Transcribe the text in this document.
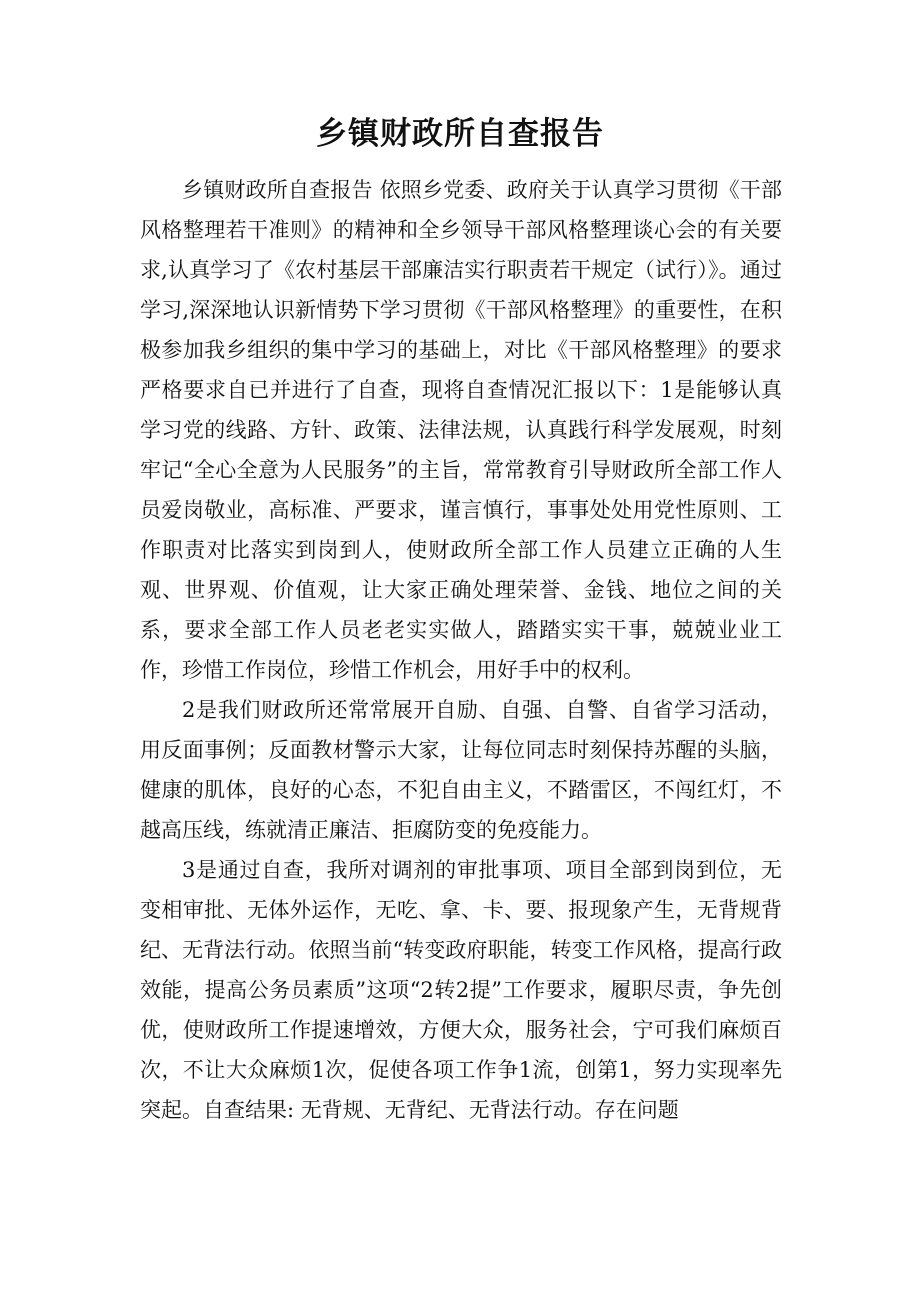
乡镇财政所自查报告

乡镇财政所自查报告 依照乡党委、政府关于认真学习贯彻《干部风格整理若干准则》的精神和全乡领导干部风格整理谈心会的有关要求,认真学习了《农村基层干部廉洁实行职责若干规定（试行）》。通过学习,深深地认识新情势下学习贯彻《干部风格整理》的重要性，在积极参加我乡组织的集中学习的基础上，对比《干部风格整理》的要求严格要求自已并进行了自查，现将自查情况汇报以下：1是能够认真学习党的线路、方针、政策、法律法规，认真践行科学发展观，时刻牢记“全心全意为人民服务”的主旨，常常教育引导财政所全部工作人员爱岗敬业，高标准、严要求，谨言慎行，事事处处用党性原则、工作职责对比落实到岗到人，使财政所全部工作人员建立正确的人生观、世界观、价值观，让大家正确处理荣誉、金钱、地位之间的关系，要求全部工作人员老老实实做人，踏踏实实干事，兢兢业业工作，珍惜工作岗位，珍惜工作机会，用好手中的权利。

2是我们财政所还常常展开自励、自强、自警、自省学习活动，用反面事例；反面教材警示大家，让每位同志时刻保持苏醒的头脑，健康的肌体，良好的心态，不犯自由主义，不踏雷区，不闯红灯，不越高压线，练就清正廉洁、拒腐防变的免疫能力。

3是通过自查，我所对调剂的审批事项、项目全部到岗到位，无变相审批、无体外运作，无吃、拿、卡、要、报现象产生，无背规背纪、无背法行动。依照当前“转变政府职能，转变工作风格，提高行政效能，提高公务员素质”这项“2转2提”工作要求，履职尽责，争先创优，使财政所工作提速增效，方便大众，服务社会，宁可我们麻烦百次，不让大众麻烦1次，促使各项工作争1流，创第1，努力实现率先突起。自查结果: 无背规、无背纪、无背法行动。存在问题
